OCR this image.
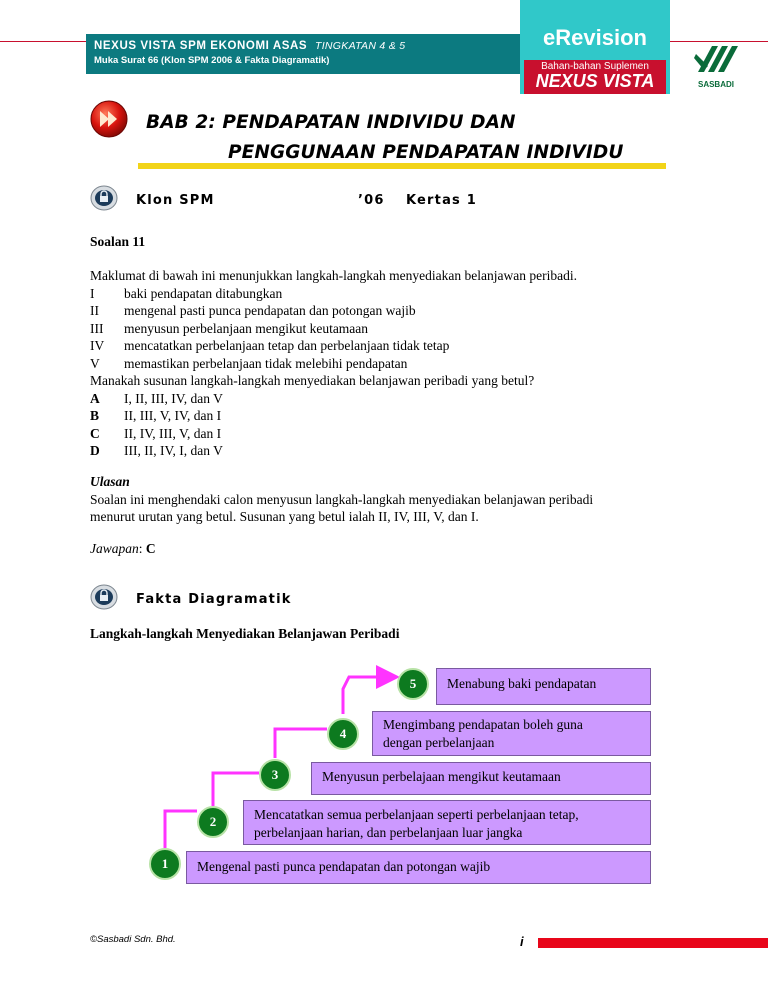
NEXUS VISTA SPM EKONOMI ASAS TINGKATAN 4 & 5
Muka Surat 66 (Klon SPM 2006 & Fakta Diagramatik)
eRevision
Bahan-bahan Suplemen
NEXUS VISTA	SASBADI
BAB 2: PENDAPATAN INDIVIDU DAN
PENGGUNAAN PENDAPATAN INDIVIDU
Klon SPM	’06 Kertas 1
Soalan 11
Maklumat di bawah ini menunjukkan langkah-langkah menyediakan belanjawan peribadi.
I	baki pendapatan ditabungkan
II	mengenal pasti punca pendapatan dan potongan wajib
III	menyusun perbelanjaan mengikut keutamaan
IV	mencatatkan perbelanjaan tetap dan perbelanjaan tidak tetap
V	memastikan perbelanjaan tidak melebihi pendapatan
Manakah susunan langkah-langkah menyediakan belanjawan peribadi yang betul?
A	I, II, III, IV, dan V
B	II, III, V, IV, dan I
C	II, IV, III, V, dan I
D	III, II, IV, I, dan V
Ulasan
Soalan ini menghendaki calon menyusun langkah-langkah menyediakan belanjawan peribadi
menurut urutan yang betul. Susunan yang betul ialah II, IV, III, V, dan I.
Jawapan: C
Fakta Diagramatik
Langkah-langkah Menyediakan Belanjawan Peribadi
Menabung baki pendapatan
Mengimbang pendapatan boleh guna
dengan perbelanjaan
Menyusun perbelajaan mengikut keutamaan
Mencatatkan semua perbelanjaan seperti perbelanjaan tetap,
perbelanjaan harian, dan perbelanjaan luar jangka
Mengenal pasti punca pendapatan dan potongan wajib
5
4
3
2
1
©Sasbadi Sdn. Bhd.	i
